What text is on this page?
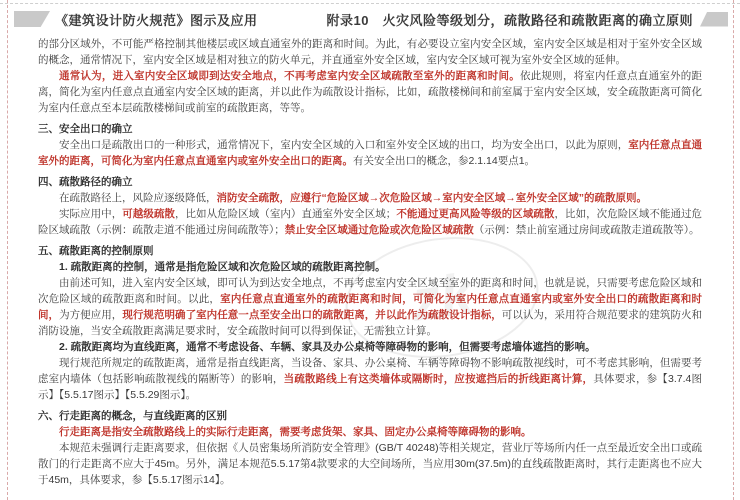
《建筑设计防火规范》图示及应用	附录10　火灾风险等级划分，疏散路径和疏散距离的确立原则
zk

的部分区域外，不可能严格控制其他楼层或区域直通室外的距离和时间。为此，有必要设立室内安全区域，室内安全区域是相对于室外安全区域的概念，通常情况下，室内安全区域是相对独立的防火单元，并直通室外安全区域，室内安全区域可视为室外安全区域的延伸。

通常认为，进入室内安全区域即到达安全地点，不再考虑室内安全区域疏散至室外的距离和时间。依此规则，将室内任意点直通室外的距离，简化为室内任意点直通室内安全区域的距离，并以此作为疏散设计指标，比如，疏散楼梯间和前室属于室内安全区域，安全疏散距离可简化为室内任意点至本层疏散楼梯间或前室的疏散距离，等等。

三、安全出口的确立

安全出口是疏散出口的一种形式，通常情况下，室内安全区域的入口和室外安全区域的出口，均为安全出口，以此为原则，室内任意点直通室外的距离，可简化为室内任意点直通室内或室外安全出口的距离。有关安全出口的概念，参2.1.14要点1。

四、疏散路径的确立

在疏散路径上，风险应逐级降低，消防安全疏散，应遵行“危险区域→次危险区域→室内安全区域→室外安全区域”的疏散原则。

实际应用中，可越级疏散，比如从危险区域（室内）直通室外安全区域；不能通过更高风险等级的区域疏散，比如，次危险区域不能通过危险区域疏散（示例：疏散走道不能通过房间疏散等）；禁止安全区域通过危险或次危险区域疏散（示例：禁止前室通过房间或疏散走道疏散等）。

五、疏散距离的控制原则

1. 疏散距离的控制，通常是指危险区域和次危险区域的疏散距离控制。

由前述可知，进入室内安全区域，即可认为到达安全地点，不再考虑室内安全区域至室外的距离和时间，也就是说，只需要考虑危险区域和次危险区域的疏散距离和时间。以此，室内任意点直通室外的疏散距离和时间，可简化为室内任意点直通室内或室外安全出口的疏散距离和时间，为方便应用，现行规范明确了室内任意一点至安全出口的疏散距离，并以此作为疏散设计指标，可以认为，采用符合规范要求的建筑防火和消防设施，当安全疏散距离满足要求时，安全疏散时间可以得到保证，无需独立计算。

2. 疏散距离均为直线距离，通常不考虑设备、车辆、家具及办公桌椅等障碍物的影响，但需要考虑墙体遮挡的影响。

现行规范所规定的疏散距离，通常是指直线距离，当设备、家具、办公桌椅、车辆等障碍物不影响疏散视线时，可不考虑其影响，但需要考虑室内墙体（包括影响疏散视线的隔断等）的影响，当疏散路线上有这类墙体或隔断时，应按遮挡后的折线距离计算，具体要求，参【3.7.4图示】【5.5.17图示】【5.5.29图示】。

六、行走距离的概念，与直线距离的区别

行走距离是指安全疏散路线上的实际行走距离，需要考虑货架、家具、固定办公桌椅等障碍物的影响。

本规范未强调行走距离要求，但依据《人员密集场所消防安全管理》(GB/T 40248)等相关规定，营业厅等场所内任一点至最近安全出口或疏散门的行走距离不应大于45m。另外，满足本规范5.5.17第4款要求的大空间场所，当应用30m(37.5m)的直线疏散距离时，其行走距离也不应大于45m，具体要求，参【5.5.17图示14】。
